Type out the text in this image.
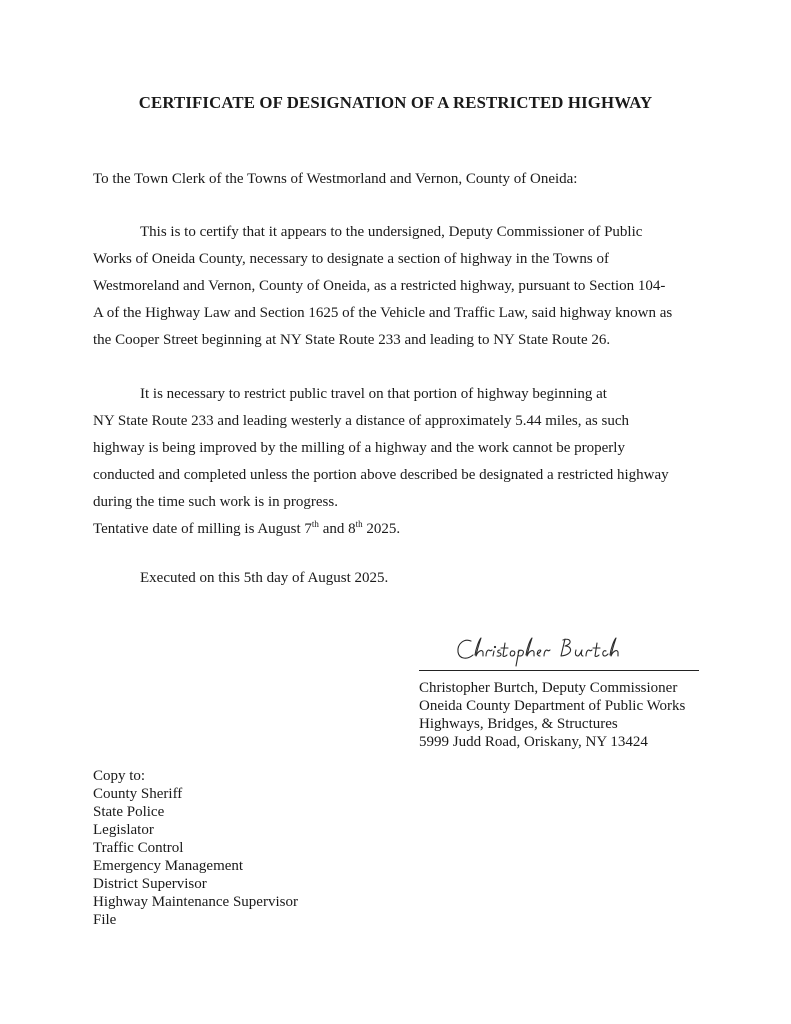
CERTIFICATE OF DESIGNATION OF A RESTRICTED HIGHWAY
To the Town Clerk of the Towns of Westmorland and Vernon, County of Oneida:
This is to certify that it appears to the undersigned, Deputy Commissioner of Public
Works of Oneida County, necessary to designate a section of highway in the Towns of
Westmoreland and Vernon, County of Oneida, as a restricted highway, pursuant to Section 104-
A of the Highway Law and Section 1625 of the Vehicle and Traffic Law, said highway known as
the Cooper Street beginning at NY State Route 233 and leading to NY State Route 26.
It is necessary to restrict public travel on that portion of highway beginning at
NY State Route 233 and leading westerly a distance of approximately 5.44 miles, as such
highway is being improved by the milling of a highway and the work cannot be properly
conducted and completed unless the portion above described be designated a restricted highway
during the time such work is in progress.
Tentative date of milling is August 7th and 8th 2025.
Executed on this 5th day of August 2025.
Christopher Burtch, Deputy Commissioner
Oneida County Department of Public Works
Highways, Bridges, & Structures
5999 Judd Road, Oriskany, NY 13424
Copy to:
County Sheriff
State Police
Legislator
Traffic Control
Emergency Management
District Supervisor
Highway Maintenance Supervisor
File
